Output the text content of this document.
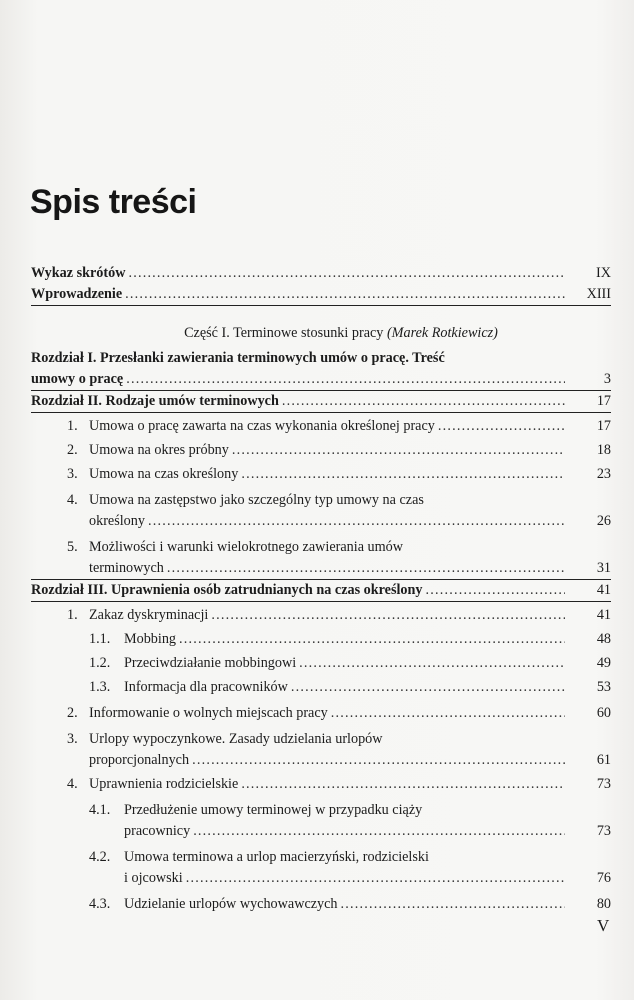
Spis treści
Wykaz skrótów .....	IX
Wprowadzenie .....	XIII
Część I. Terminowe stosunki pracy (Marek Rotkiewicz)
Rozdział I. Przesłanki zawierania terminowych umów o pracę. Treść
umowy o pracę .....	3
Rozdział II. Rodzaje umów terminowych .....	17
1. Umowa o pracę zawarta na czas wykonania określonej pracy .....	17
2. Umowa na okres próbny .....	18
3. Umowa na czas określony .....	23
4. Umowa na zastępstwo jako szczególny typ umowy na czas
określony .....	26
5. Możliwości i warunki wielokrotnego zawierania umów
terminowych .....	31
Rozdział III. Uprawnienia osób zatrudnianych na czas określony .....	41
1. Zakaz dyskryminacji .....	41
1.1. Mobbing .....	48
1.2. Przeciwdziałanie mobbingowi .....	49
1.3. Informacja dla pracowników .....	53
2. Informowanie o wolnych miejscach pracy .....	60
3. Urlopy wypoczynkowe. Zasady udzielania urlopów
proporcjonalnych .....	61
4. Uprawnienia rodzicielskie .....	73
4.1. Przedłużenie umowy terminowej w przypadku ciąży
pracownicy .....	73
4.2. Umowa terminowa a urlop macierzyński, rodzicielski
i ojcowski .....	76
4.3. Udzielanie urlopów wychowawczych .....	80
V
